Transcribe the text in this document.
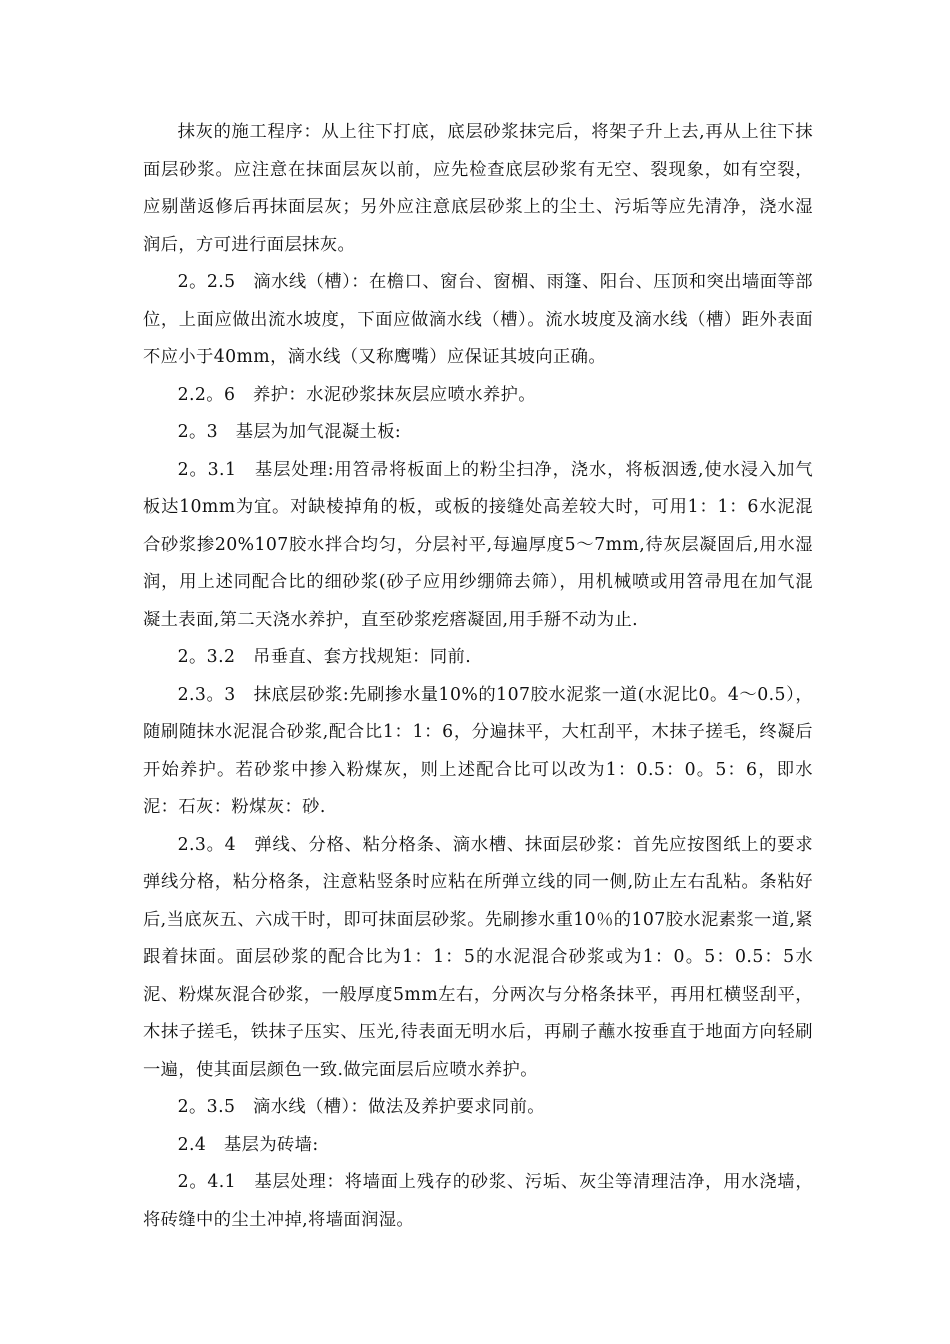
抹灰的施工程序：从上往下打底，底层砂浆抹完后，将架子升上去,再从上往下抹面层砂浆。应注意在抹面层灰以前，应先检查底层砂浆有无空、裂现象，如有空裂，应剔凿返修后再抹面层灰；另外应注意底层砂浆上的尘土、污垢等应先清净，浇水湿润后，方可进行面层抹灰。

2。2.5　滴水线（槽）：在檐口、窗台、窗楣、雨篷、阳台、压顶和突出墙面等部位，上面应做出流水坡度，下面应做滴水线（槽）。流水坡度及滴水线（槽）距外表面不应小于40mm，滴水线（又称鹰嘴）应保证其坡向正确。

2.2。6　养护：水泥砂浆抹灰层应喷水养护。

2。3　基层为加气混凝土板:

2。3.1　基层处理:用笤帚将板面上的粉尘扫净，浇水，将板洇透,使水浸入加气板达10mm为宜。对缺棱掉角的板，或板的接缝处高差较大时，可用1：1：6水泥混合砂浆掺20%107胶水拌合均匀，分层衬平,每遍厚度5～7mm,待灰层凝固后,用水湿润，用上述同配合比的细砂浆(砂子应用纱绷筛去筛），用机械喷或用笤帚甩在加气混凝土表面,第二天浇水养护，直至砂浆疙瘩凝固,用手掰不动为止.

2。3.2　吊垂直、套方找规矩：同前.

2.3。3　抹底层砂浆:先刷掺水量10%的107胶水泥浆一道(水泥比0。4～0.5），随刷随抹水泥混合砂浆,配合比1：1：6，分遍抹平，大杠刮平，木抹子搓毛，终凝后开始养护。若砂浆中掺入粉煤灰，则上述配合比可以改为1：0.5：0。5：6，即水泥：石灰：粉煤灰：砂.

2.3。4　弹线、分格、粘分格条、滴水槽、抹面层砂浆：首先应按图纸上的要求弹线分格，粘分格条，注意粘竖条时应粘在所弹立线的同一侧,防止左右乱粘。条粘好后,当底灰五、六成干时，即可抹面层砂浆。先刷掺水重10％的107胶水泥素浆一道,紧跟着抹面。面层砂浆的配合比为1：1：5的水泥混合砂浆或为1：0。5：0.5：5水泥、粉煤灰混合砂浆，一般厚度5mm左右，分两次与分格条抹平，再用杠横竖刮平，木抹子搓毛，铁抹子压实、压光,待表面无明水后，再刷子蘸水按垂直于地面方向轻刷一遍，使其面层颜色一致.做完面层后应喷水养护。

2。3.5　滴水线（槽）：做法及养护要求同前。

2.4　基层为砖墙:

2。4.1　基层处理：将墙面上残存的砂浆、污垢、灰尘等清理洁净，用水浇墙，将砖缝中的尘土冲掉,将墙面润湿。
